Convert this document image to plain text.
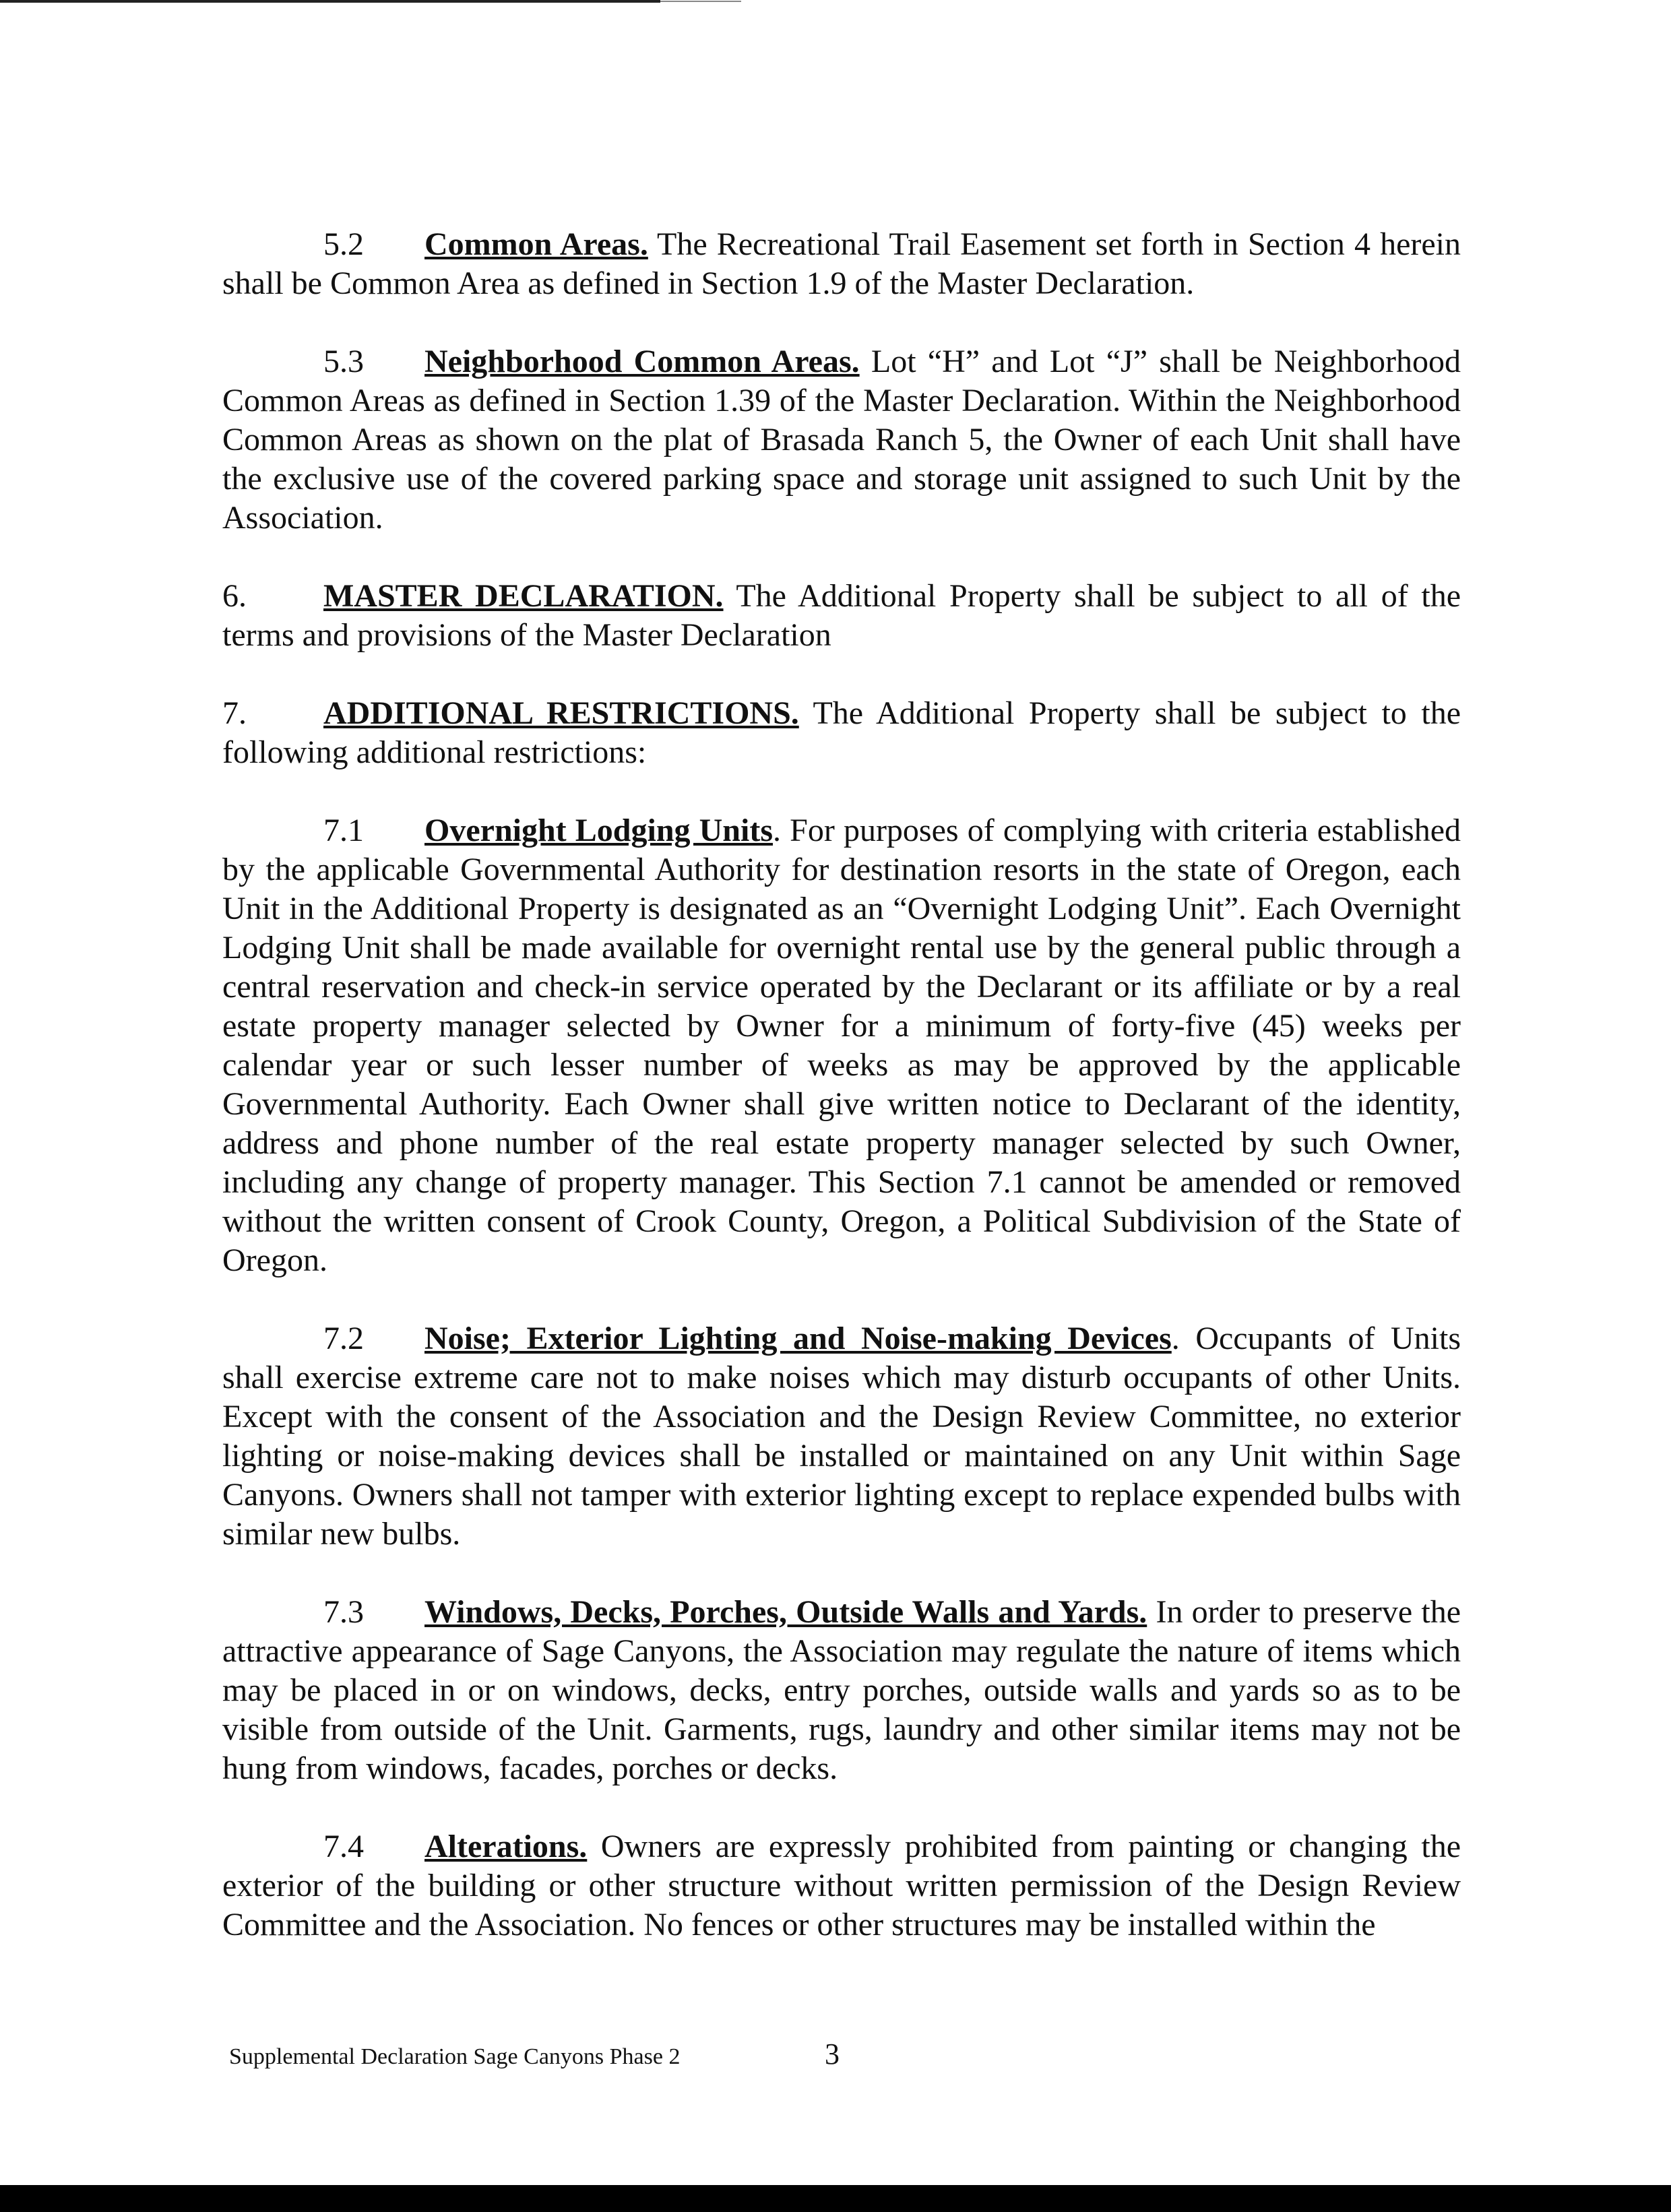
5.2 Common Areas. The Recreational Trail Easement set forth in Section 4 herein shall be Common Area as defined in Section 1.9 of the Master Declaration.

5.3 Neighborhood Common Areas. Lot “H” and Lot “J” shall be Neighborhood Common Areas as defined in Section 1.39 of the Master Declaration. Within the Neighborhood Common Areas as shown on the plat of Brasada Ranch 5, the Owner of each Unit shall have the exclusive use of the covered parking space and storage unit assigned to such Unit by the Association.

6. MASTER DECLARATION. The Additional Property shall be subject to all of the terms and provisions of the Master Declaration

7. ADDITIONAL RESTRICTIONS. The Additional Property shall be subject to the following additional restrictions:

7.1 Overnight Lodging Units. For purposes of complying with criteria established by the applicable Governmental Authority for destination resorts in the state of Oregon, each Unit in the Additional Property is designated as an “Overnight Lodging Unit”. Each Overnight Lodging Unit shall be made available for overnight rental use by the general public through a central reservation and check-in service operated by the Declarant or its affiliate or by a real estate property manager selected by Owner for a minimum of forty-five (45) weeks per calendar year or such lesser number of weeks as may be approved by the applicable Governmental Authority. Each Owner shall give written notice to Declarant of the identity, address and phone number of the real estate property manager selected by such Owner, including any change of property manager. This Section 7.1 cannot be amended or removed without the written consent of Crook County, Oregon, a Political Subdivision of the State of Oregon.

7.2 Noise; Exterior Lighting and Noise-making Devices. Occupants of Units shall exercise extreme care not to make noises which may disturb occupants of other Units. Except with the consent of the Association and the Design Review Committee, no exterior lighting or noise-making devices shall be installed or maintained on any Unit within Sage Canyons. Owners shall not tamper with exterior lighting except to replace expended bulbs with similar new bulbs.

7.3 Windows, Decks, Porches, Outside Walls and Yards. In order to preserve the attractive appearance of Sage Canyons, the Association may regulate the nature of items which may be placed in or on windows, decks, entry porches, outside walls and yards so as to be visible from outside of the Unit. Garments, rugs, laundry and other similar items may not be hung from windows, facades, porches or decks.

7.4 Alterations. Owners are expressly prohibited from painting or changing the exterior of the building or other structure without written permission of the Design Review Committee and the Association. No fences or other structures may be installed within the

Supplemental Declaration Sage Canyons Phase 2	3
